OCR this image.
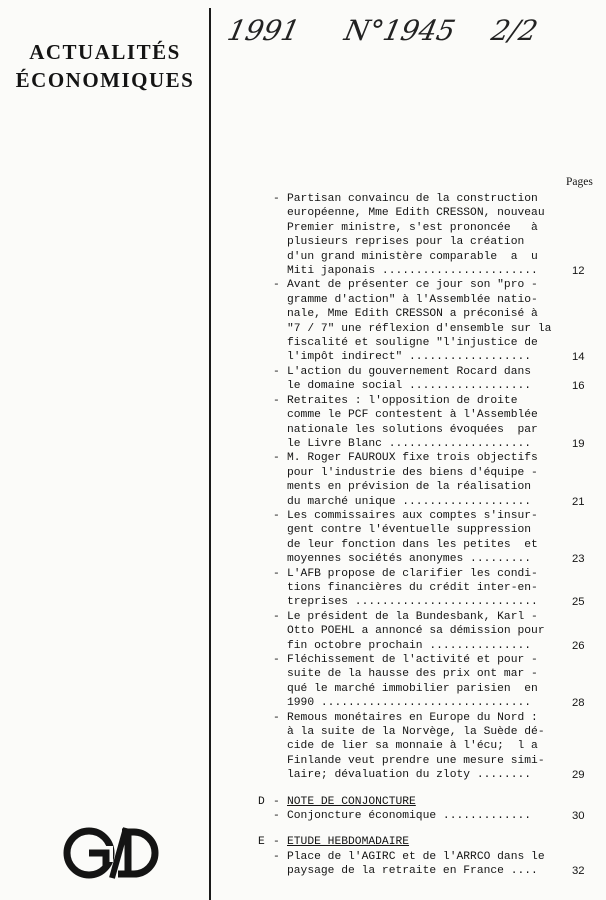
ACTUALITÉS
ÉCONOMIQUES
1991 N°1945 2/2
Pages
- Partisan convaincu de la construction
européenne, Mme Edith CRESSON, nouveau
Premier ministre, s'est prononcée   à
plusieurs reprises pour la création
d'un grand ministère comparable  a  u
Miti japonais .......................	12
- Avant de présenter ce jour son "pro -
gramme d'action" à l'Assemblée natio-
nale, Mme Edith CRESSON a préconisé à
"7 / 7" une réflexion d'ensemble sur la
fiscalité et souligne "l'injustice de
l'impôt indirect" ..................	14
- L'action du gouvernement Rocard dans
le domaine social ..................	16
- Retraites : l'opposition de droite
comme le PCF contestent à l'Assemblée
nationale les solutions évoquées  par
le Livre Blanc .....................	19
- M. Roger FAUROUX fixe trois objectifs
pour l'industrie des biens d'équipe -
ments en prévision de la réalisation
du marché unique ...................	21
- Les commissaires aux comptes s'insur-
gent contre l'éventuelle suppression
de leur fonction dans les petites  et
moyennes sociétés anonymes .........	23
- L'AFB propose de clarifier les condi-
tions financières du crédit inter-en-
treprises ...........................	25
- Le président de la Bundesbank, Karl -
Otto POEHL a annoncé sa démission pour
fin octobre prochain ...............	26
- Fléchissement de l'activité et pour -
suite de la hausse des prix ont mar -
qué le marché immobilier parisien  en
1990 ...............................	28
- Remous monétaires en Europe du Nord :
à la suite de la Norvège, la Suède dé-
cide de lier sa monnaie à l'écu;  l a
Finlande veut prendre une mesure simi-
laire; dévaluation du zloty ........	29
D - NOTE DE CONJONCTURE
- Conjoncture économique .............	30
E - ETUDE HEBDOMADAIRE
- Place de l'AGIRC et de l'ARRCO dans le
paysage de la retraite en France ....	32
